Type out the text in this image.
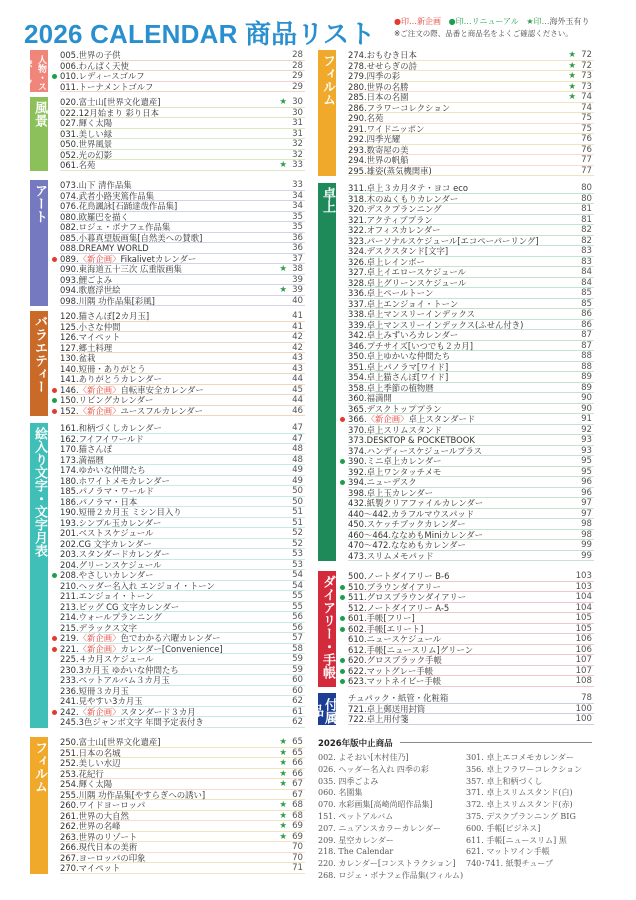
2026 CALENDAR 商品リスト ●印…新企画 ●印…リニューアル ★印…海外玉有り
※ご注文の際、品番と商品名をよくご確認ください。
人物・スポーツ
005.世界の子供	28
006.わんぱく天使	28
010.レディースゴルフ	29
011.トーナメントゴルフ	29
風景 020.富士山[世界文化遺産]	★ 30
022.12月始まり 彩り日本	30
027.輝く太陽	31
031.美しい緑	31
050.世界風景	32
052.光の幻影	32
061.名苑	★ 33
アート 073.山下 清作品集	33
074.武者小路実篤作品集	34
076.花鳥諷詠[石踊達哉作品集]	34
080.欧羅巴を描く	35
082.ロジェ・ボナフェ作品集	35
085.小暮真望版画集[自然美への賛歌]	36
088.DREAMY WORLD	36
089.〈新企画〉Fikalivetカレンダー	37
090.東海道五十三次 広重版画集	★ 38
093.鯉ごよみ	39
094.歌麿浮世絵	★ 39
098.川隅 功作品集[彩風]	40
バラエティー 120.猫さんぽ[2カ月玉]	41
125.小さな仲間	41
126.マイペット	42
127.郷土料理	42
130.盆栽	43
140.短冊・ありがとう	43
141.ありがとうカレンダー	44
146.〈新企画〉自転車安全カレンダー	45
150.リビングカレンダー	44
152.〈新企画〉ユースフルカレンダー	46
絵入り文字・文字月表 161.和柄づくしカレンダー	47
162.フイフイワールド	47
170.猫さんぽ	48
173.満福暦	48
174.ゆかいな仲間たち	49
180.ホワイトメモカレンダー	49
185.パノラマ・ワールド	50
186.パノラマ・日本	50
190.短冊２カ月玉 ミシン目入り	51
193.シンプル玉カレンダー	51
201.ベストスケジュール	52
202.CG 文字カレンダー	52
203.スタンダードカレンダー	53
204.グリーンスケジュール	53
208.やさしいカレンダー	54
210.ヘッダー名入れ エンジョイ・トーン	54
211.エンジョイ・トーン	55
213.ビッグ CG 文字カレンダー	55
214.ウォールプランニング	56
215.デラックス文字	56
219.〈新企画〉色でわかる六曜カレンダー	57
221.〈新企画〉カレンダー[Convenience]	58
225.４カ月スケジュール	59
230.3カ月玉 ゆかいな仲間たち	59
233.ペットアルバム３カ月玉	60
236.短冊３カ月玉	60
241.見やすい3カ月玉	62
242.〈新企画〉スタンダード３カ月	61
245.3色ジャンボ文字 年間予定表付き	62
フィルム 250.富士山[世界文化遺産]	★ 65
251.日本の名城	★ 65
252.美しい水辺	★ 66
253.花紀行	★ 66
254.輝く太陽	★ 67
255.川隅 功作品集[やすらぎへの誘い]	67
260.ワイドヨーロッパ	★ 68
261.世界の大自然	★ 68
262.世界の名峰	★ 69
263.世界のリゾート	★ 69
266.現代日本の美術	70
267.ヨーロッパの印象	70
270.マイペット	71
フィルム 274.おもむき日本	★ 72
278.せせらぎの詩	★ 72
279.四季の彩	★ 73
280.世界の名勝	★ 73
285.日本の名園	★ 74
286.フラワーコレクション	74
290.名苑	75
291.ワイドニッポン	75
292.四季光耀	76
293.数寄屋の美	76
294.世界の帆船	77
295.雄姿(蒸気機関車)	77
卓上 311.卓上３カ月タテ・ヨコ eco	80
318.木のぬくもりカレンダー	80
320.デスクプランニング	81
321.アクティブプラン	81
322.オフィスカレンダー	82
323.パーソナルスケジュール[エコペーパーリング]	82
324.デスクスタンド[文字]	83
326.卓上レインボー	83
327.卓上イエロースケジュール	84
328.卓上グリーンスケジュール	84
336.卓上ペールトーン	85
337.卓上エンジョイ・トーン	85
338.卓上マンスリーインデックス	86
339.卓上マンスリーインデックス(ふせん付き)	86
342.卓上みずいろカレンダー	87
346.プチサイズ[いつでも２カ月]	87
350.卓上ゆかいな仲間たち	88
351.卓上パノラマ[ワイド]	88
354.卓上猫さんぽ[ワイド]	89
358.卓上季節の植物暦	89
360.福満開	90
365.デスクトッププラン	90
366.〈新企画〉卓上スタンダード	91
370.卓上スリムスタンド	92
373.DESKTOP & POCKETBOOK	93
374.ハンディースケジュールプラス	93
390.ミニ卓上カレンダー	95
392.卓上ワンタッチメモ	95
394.ニューデスク	96
398.卓上玉カレンダー	96
432.紙製クリアファイルカレンダー	97
440～442.カラフルマウスパッド	97
450.スケッチブックカレンダー	98
460～464.ななめもMiniカレンダー	98
470～472.ななめもカレンダー	99
473.スリムメモパッド	99
ダイアリー・手帳 500.ノートダイアリー B-6	103
510.ブラウンダイアリー	103
511.グロスブラウンダイアリー	104
512.ノートダイアリー A-5	104
601.手帳[フリー]	105
602.手帳[エリート]	105
610.ニュースケジュール	106
612.手帳[ニュースリム]グリーン	106
620.グロスブラック手帳	107
622.マットグレー手帳	107
623.マットネイビー手帳	108
付属品
チュパック・紙管・化粧箱	78
721.卓上郵送用封筒	100
722.卓上用付箋	100
2026年版中止商品
002. よそおい[木村佳乃]
026. ヘッダー名入れ 四季の彩
035. 四季ごよみ
060. 名園集
070. 水彩画集[高崎尚昭作品集]
151. ペットアルバム
207. ニュアンスカラーカレンダー
209. 星空カレンダー
218. The Calendar
220. カレンダー[コンストラクション]
268. ロジェ・ボナフェ作品集(フィルム)
301. 卓上エコメモカレンダー
356. 卓上フラワーコレクション
357. 卓上和柄づくし
371. 卓上スリムスタンド(白)
372. 卓上スリムスタンド(赤)
375. デスクプランニング BIG
600. 手帳[ビジネス]
611. 手帳[ニュースリム] 黒
621. マットワイン手帳
740･741. 紙製チューブ
